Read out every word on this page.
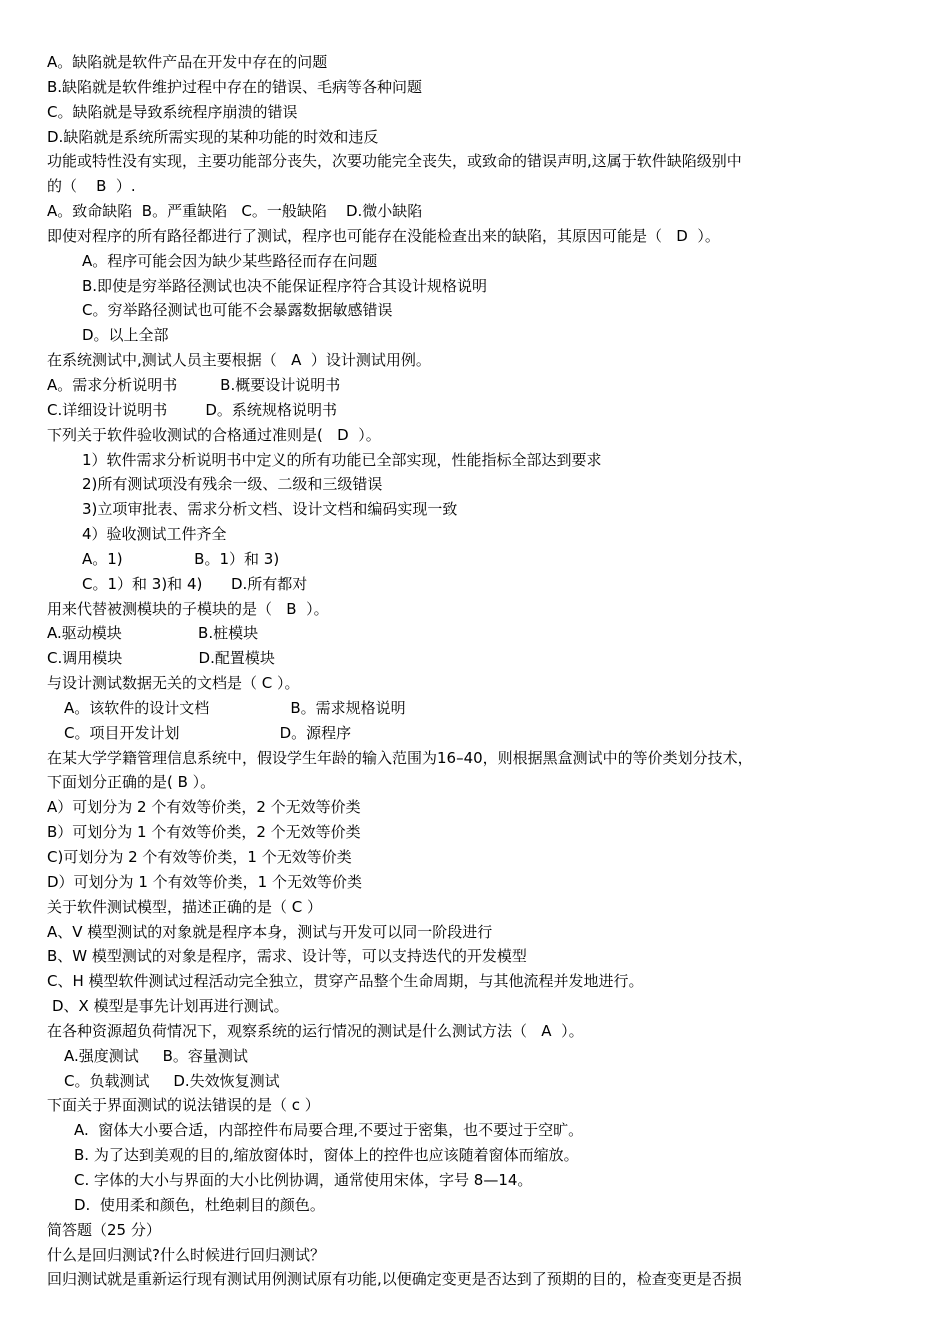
A。缺陷就是软件产品在开发中存在的问题
B.缺陷就是软件维护过程中存在的错误、毛病等各种问题
C。缺陷就是导致系统程序崩溃的错误
D.缺陷就是系统所需实现的某种功能的时效和违反
功能或特性没有实现，主要功能部分丧失，次要功能完全丧失，或致命的错误声明,这属于软件缺陷级别中
的（    B  ）.
A。致命缺陷  B。严重缺陷   C。一般缺陷    D.微小缺陷
即使对程序的所有路径都进行了测试，程序也可能存在没能检查出来的缺陷，其原因可能是（   D  ）。
A。程序可能会因为缺少某些路径而存在问题
B.即使是穷举路径测试也决不能保证程序符合其设计规格说明
C。穷举路径测试也可能不会暴露数据敏感错误
D。以上全部
在系统测试中,测试人员主要根据（   A  ）设计测试用例。
A。需求分析说明书         B.概要设计说明书
C.详细设计说明书        D。系统规格说明书
下列关于软件验收测试的合格通过准则是(   D  ）。
1）软件需求分析说明书中定义的所有功能已全部实现，性能指标全部达到要求
2)所有测试项没有残余一级、二级和三级错误
3)立项审批表、需求分析文档、设计文档和编码实现一致
4）验收测试工件齐全
A。1)               B。1）和 3)
C。1）和 3)和 4)      D.所有都对
用来代替被测模块的子模块的是（   B  ）。
A.驱动模块                B.桩模块
C.调用模块                D.配置模块
与设计测试数据无关的文档是（ C ）。
A。该软件的设计文档                 B。需求规格说明
C。项目开发计划                     D。源程序
在某大学学籍管理信息系统中，假设学生年龄的输入范围为16–40，则根据黑盒测试中的等价类划分技术，
下面划分正确的是( B ）。
A）可划分为 2 个有效等价类，2 个无效等价类
B）可划分为 1 个有效等价类，2 个无效等价类
C)可划分为 2 个有效等价类，1 个无效等价类
D）可划分为 1 个有效等价类，1 个无效等价类
关于软件测试模型，描述正确的是（ C ）
A、V 模型测试的对象就是程序本身，测试与开发可以同一阶段进行
B、W 模型测试的对象是程序，需求、设计等，可以支持迭代的开发模型
C、H 模型软件测试过程活动完全独立，贯穿产品整个生命周期，与其他流程并发地进行。
D、X 模型是事先计划再进行测试。
在各种资源超负荷情况下，观察系统的运行情况的测试是什么测试方法（   A  ）。
A.强度测试     B。容量测试
C。负载测试     D.失效恢复测试
下面关于界面测试的说法错误的是（ c ）
A.  窗体大小要合适，内部控件布局要合理,不要过于密集，也不要过于空旷。
B. 为了达到美观的目的,缩放窗体时，窗体上的控件也应该随着窗体而缩放。
C. 字体的大小与界面的大小比例协调，通常使用宋体，字号 8—14。
D.  使用柔和颜色，杜绝刺目的颜色。
简答题（25 分）
什么是回归测试?什么时候进行回归测试？
回归测试就是重新运行现有测试用例测试原有功能,以便确定变更是否达到了预期的目的，检查变更是否损
